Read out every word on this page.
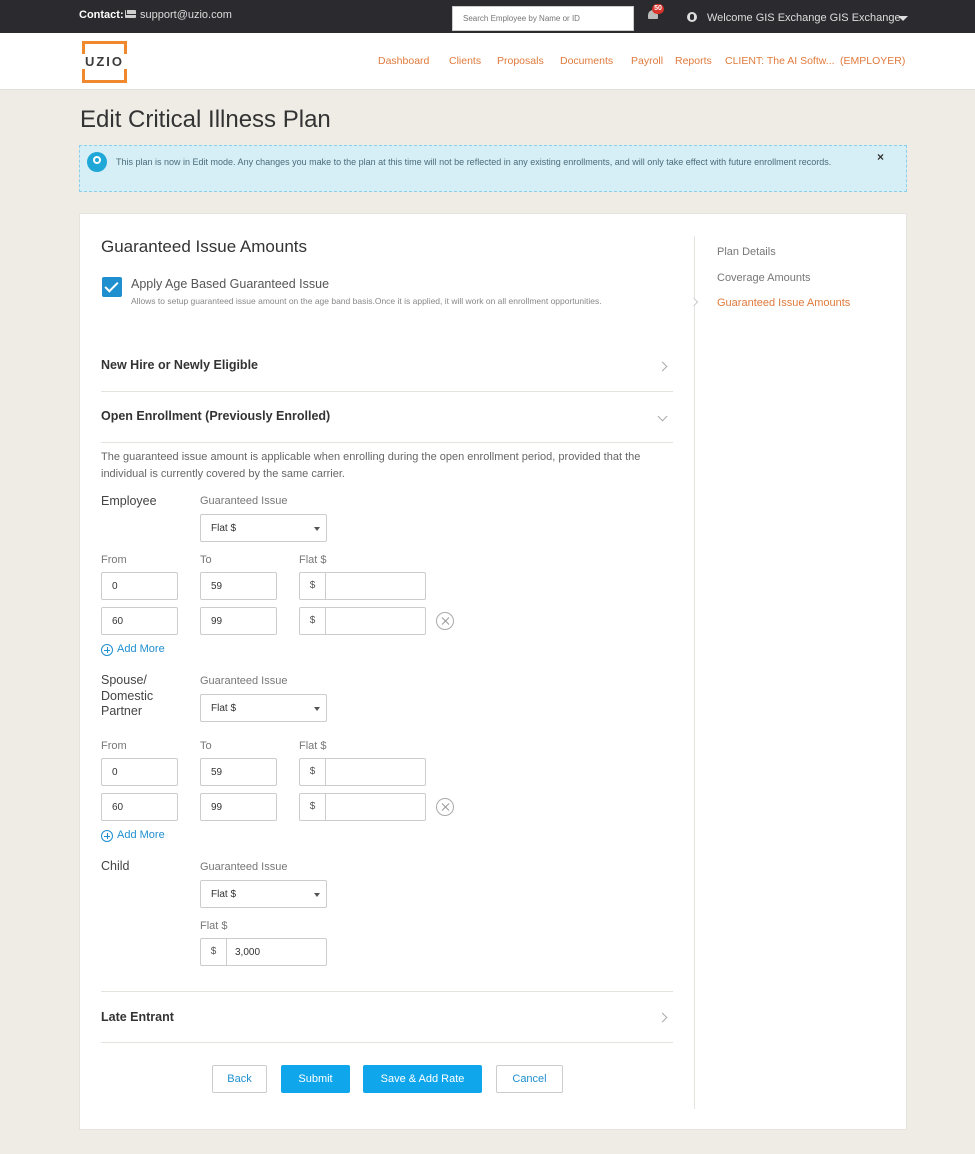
Contact: support@uzio.com
Search Employee by Name or ID
50
Welcome GIS Exchange GIS Exchange
UZIO	Dashboard Clients Proposals Documents Payroll Reports CLIENT: The AI Softw... (EMPLOYER)
Edit Critical Illness Plan
This plan is now in Edit mode. Any changes you make to the plan at this time will not be reflected in any existing enrollments, and will only take effect with future enrollment records.	×
Guaranteed Issue Amounts
Apply Age Based Guaranteed Issue
Allows to setup guaranteed issue amount on the age band basis.Once it is applied, it will work on all enrollment opportunities.
New Hire or Newly Eligible
Open Enrollment (Previously Enrolled)
The guaranteed issue amount is applicable when enrolling during the open enrollment period, provided that the individual is currently covered by the same carrier.
Employee	Guaranteed Issue
Flat $
From	To	Flat $
0	59	$
60	99	$
Add More
Spouse/ Domestic Partner
Guaranteed Issue
Flat $
From	To	Flat $
0	59	$
60	99	$
Add More
Child	Guaranteed Issue
Flat $
Flat $
$	3,000
Late Entrant
Back	Submit	Save & Add Rate	Cancel
Plan Details
Coverage Amounts
Guaranteed Issue Amounts
